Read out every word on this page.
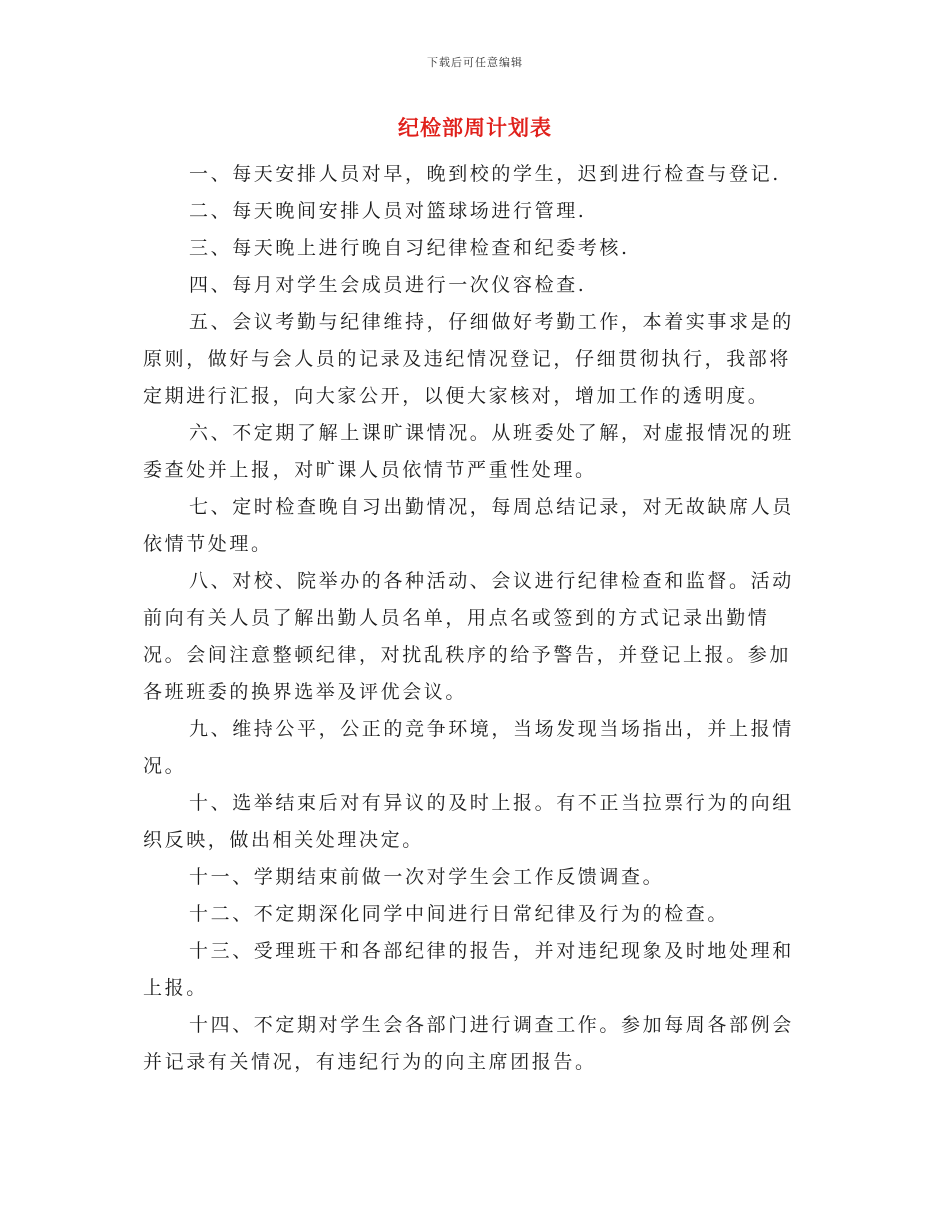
下载后可任意编辑
纪检部周计划表

一、每天安排人员对早，晚到校的学生，迟到进行检查与登记.

二、每天晚间安排人员对篮球场进行管理.

三、每天晚上进行晚自习纪律检查和纪委考核.

四、每月对学生会成员进行一次仪容检查.

五、会议考勤与纪律维持，仔细做好考勤工作，本着实事求是的原则，做好与会人员的记录及违纪情况登记，仔细贯彻执行，我部将定期进行汇报，向大家公开，以便大家核对，增加工作的透明度。

六、不定期了解上课旷课情况。从班委处了解，对虚报情况的班委查处并上报，对旷课人员依情节严重性处理。

七、定时检查晚自习出勤情况，每周总结记录，对无故缺席人员依情节处理。

八、对校、院举办的各种活动、会议进行纪律检查和监督。活动前向有关人员了解出勤人员名单，用点名或签到的方式记录出勤情况。会间注意整顿纪律，对扰乱秩序的给予警告，并登记上报。参加各班班委的换界选举及评优会议。

九、维持公平，公正的竞争环境，当场发现当场指出，并上报情况。

十、选举结束后对有异议的及时上报。有不正当拉票行为的向组织反映，做出相关处理决定。

十一、学期结束前做一次对学生会工作反馈调查。

十二、不定期深化同学中间进行日常纪律及行为的检查。

十三、受理班干和各部纪律的报告，并对违纪现象及时地处理和上报。

十四、不定期对学生会各部门进行调查工作。参加每周各部例会并记录有关情况，有违纪行为的向主席团报告。
